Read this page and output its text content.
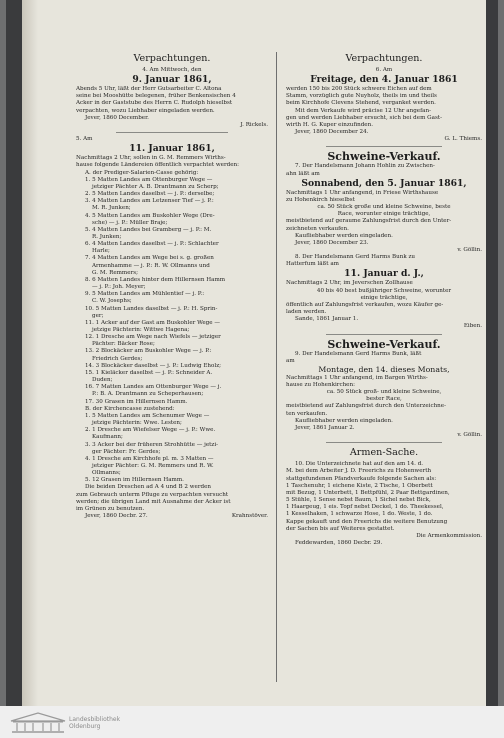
Verpachtungen.
4. Am Mittwoch, den
9. Januar 1861,
Abends 5 Uhr, läßt der Herr Gutsarbeiter C. Altona
seine bei Mooshütte belegenen, früher Benkensischen 4
Acker in der Gaststube des Herrn C. Rudolph hieselbst
verpachten, wozu Liebhaber eingeladen werden.
Jever, 1860 December.
J. Rickels.
5. Am
11. Januar 1861,
Nachmittags 2 Uhr, sollen in G. M. Remmers Wirths-
hause folgende Ländereien öffentlich verpachtet werden:
A. der Prediger-Salarien-Casse gehörig:
1. 5 Matten Landes am Ottenburger Wege —
jetziger Pächter A. B. Drantmann zu Scherp;
2. 5 Matten Landes daselbst — j. P.: derselbe;
3. 4 Matten Landes am Letzenser Tief — j. P.:
M. R. Junken;
4. 5 Matten Landes am Buskohler Wege (Dre-
sche) — j. P.: Müller Braje;
5. 4 Matten Landes bei Gramberg — j. P.: M.
R. Junken;
6. 4 Matten Landes daselbst — j. P.: Schlachter
Harle;
7. 4 Matten Landes am Wege bei s. g. großen
Armenhamme — j. P.: R. W. Ollmanns und
G. M. Remmers;
8. 6 Matten Landes hinter dem Hillernsen Hamm
— j. P.: Joh. Meyer;
9. 5 Matten Landes am Mühlentief — j. P.:
C. W. Josephs;
10. 5 Matten Landes daselbst — j. P.: H. Sprin-
ger;
11. 1 Acker auf der Gast am Buskohler Wege —
jetzige Pächterin: Wittwe Hagena;
12. 1 Dresche am Wege nach Wiefels — jetziger
Pächter: Bäcker Rose;
13. 2 Blockäcker am Buskohler Wege — j. P.:
Friedrich Gerdes;
14. 3 Blockäcker daselbst — j. P.: Ludwig Eholz;
15. 1 Kieläcker daselbst — j. P.: Schneider A.
Duden;
16. 7 Matten Landes am Ottenburger Wege — j.
P.: B. A. Drantmann zu Scheperhausen;
17. 30 Grasen im Hillernsen Hamm.
B. der Kirchencasse zustehend:
1. 5 Matten Landes am Schenumer Wege —
jetzige Pächterin: Wwe. Lesten;
2. 1 Dresche am Wiefelser Wege — j. P.: Wwe.
Kaufmann;
3. 3 Acker bei der früheren Strohhütte — jetzi-
ger Pächter: Fr. Gerdes;
4. 1 Dresche am Kirchhofe pl. m. 3 Matten —
jetziger Pächter: G. M. Remmers und R. W.
Ollmanns;
5. 12 Grasen im Hillernsen Hamm.
Die beiden Dreschen ad A 4 und B 2 werden
zum Gebrauch unterm Pfluge zu verpachten versucht
werden; die übrigen Land mit Ausnahme der Acker ist
im Grünen zu benutzen.
Jever, 1860 Decbr. 27.	Krahnstöver.
Verpachtungen.
6. Am
Freitage, den 4. Januar 1861
werden 150 bis 200 Stück schwere Eichen auf dem
Stamm, vorzüglich gute Nuyholz, theils im und theils
beim Kirchhofe Clevens Stehend, verganket werden.
Mit dem Verkaufe wird präcise 12 Uhr angefan-
gen und werden Liebhaber ersucht, sich bei dem Gast-
wirth H. G. Kuper einzufinden.
Jever, 1860 December 24.
G. L. Thiems.
Schweine-Verkauf.
7. Der Handelsmann Johann Hohlin zu Zwischen-
ahn läßt am
Sonnabend, den 5. Januar 1861,
Nachmittags 1 Uhr anfangend, in Friese Wirthshause
zu Hohenkirch hieselbst
ca. 50 Stück große und kleine Schweine, beste
Race, worunter einige trächtige,
meistbietend auf geraume Zahlungsfrist durch den Unter-
zeichneten verkaufen.
Kaufliebhaber werden eingeladen.
Jever, 1860 December 23.
v. Göllin.
8. Der Handelsmann Gerd Harms Bunk zu
Hatterfum läßt am
11. Januar d. J.,
Nachmittags 2 Uhr, im Jeverschen Zollhause
40 bis 40 best bußjähriger Schweine, worunter
einige trächtige,
öffentlich auf Zahlungsfrist verkaufen, wozu Käufer ge-
laden werden.
Sande, 1861 Januar 1.
Eiben.
Schweine-Verkauf.
9. Der Handelsmann Gerd Harms Bunk, läßt
am
Montage, den 14. dieses Monats,
Nachmittags 1 Uhr anfangend, im Bargen Wirths-
hause zu Hohenkirchen:
ca. 50 Stück groß- und kleine Schweine,
bester Race,
meistbietend auf Zahlungsfrist durch den Unterzeichne-
ten verkaufen.
Kaufliebhaber werden eingeladen.
Jever, 1861 Januar 2.
v. Göllin.
Armen-Sache.
10. Die Unterzeichnete hat auf den am 14. d.
M. bei dem Arbeiter J. D. Freerichs zu Hohenwerth
stattgefundenen Pfandverkaufe folgende Sachen als:
1 Taschenuhr, 1 eichene Kiste, 2 Tische, 1 Oberbett
mit Bezug, 1 Unterbett, 1 Bettpfühl, 2 Paar Bettgardinen,
5 Stühle, 1 Sense nebst Baum, 1 Sichel nebst Bick,
1 Haargeug, 1 eis. Topf nebst Deckel, 1 do. Theekessel,
1 Kesselhaken, 1 schwarze Hose, 1 do. Weste, 1 do.
Kappe gekauft und den Freerichs die weitere Benutzung
der Sachen bis auf Weiteres gestattet.
Die Armenkommission.
Feddewarden, 1860 Decbr. 29.
Landesbibliothek
Oldenburg
